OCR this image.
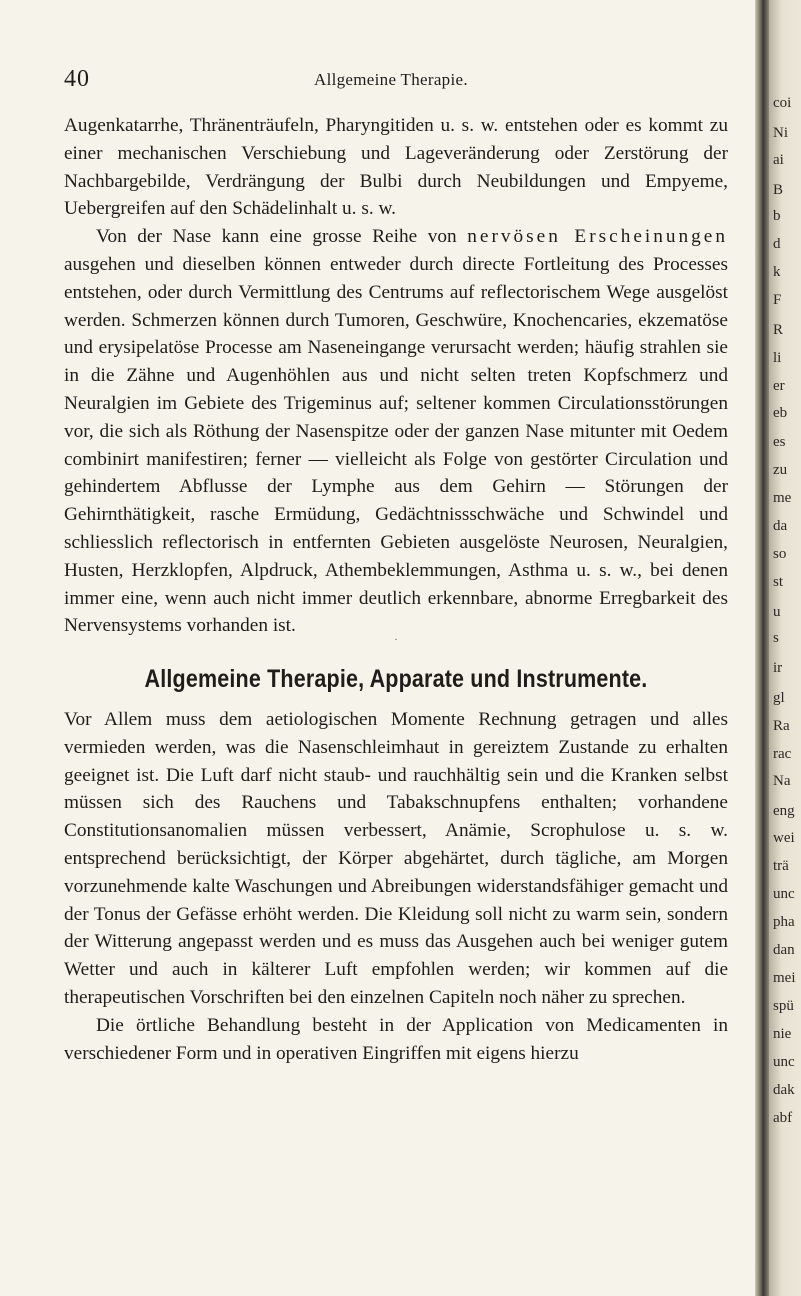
40	Allgemeine Therapie.

Augenkatarrhe, Thränenträufeln, Pharyngitiden u. s. w. entstehen oder es kommt zu einer mechanischen Verschiebung und Lageveränderung oder Zerstörung der Nachbargebilde, Verdrängung der Bulbi durch Neubildungen und Empyeme, Uebergreifen auf den Schädelinhalt u. s. w.

Von der Nase kann eine grosse Reihe von nervösen Erscheinungen ausgehen und dieselben können entweder durch directe Fortleitung des Processes entstehen, oder durch Vermittlung des Centrums auf reflectorischem Wege ausgelöst werden. Schmerzen können durch Tumoren, Geschwüre, Knochencaries, ekzematöse und erysipelatöse Processe am Naseneingange verursacht werden; häufig strahlen sie in die Zähne und Augenhöhlen aus und nicht selten treten Kopfschmerz und Neuralgien im Gebiete des Trigeminus auf; seltener kommen Circulationsstörungen vor, die sich als Röthung der Nasenspitze oder der ganzen Nase mitunter mit Oedem combinirt manifestiren; ferner — vielleicht als Folge von gestörter Circulation und gehindertem Abflusse der Lymphe aus dem Gehirn — Störungen der Gehirnthätigkeit, rasche Ermüdung, Gedächtnissschwäche und Schwindel und schliesslich reflectorisch in entfernten Gebieten ausgelöste Neurosen, Neuralgien, Husten, Herzklopfen, Alpdruck, Athembeklemmungen, Asthma u. s. w., bei denen immer eine, wenn auch nicht immer deutlich erkennbare, abnorme Erregbarkeit des Nervensystems vorhanden ist.

·
Allgemeine Therapie, Apparate und Instrumente.

Vor Allem muss dem aetiologischen Momente Rechnung getragen und alles vermieden werden, was die Nasenschleimhaut in gereiztem Zustande zu erhalten geeignet ist. Die Luft darf nicht staub- und rauchhältig sein und die Kranken selbst müssen sich des Rauchens und Tabakschnupfens enthalten; vorhandene Constitutionsanomalien müssen verbessert, Anämie, Scrophulose u. s. w. entsprechend berücksichtigt, der Körper abgehärtet, durch tägliche, am Morgen vorzunehmende kalte Waschungen und Abreibungen widerstandsfähiger gemacht und der Tonus der Gefässe erhöht werden. Die Kleidung soll nicht zu warm sein, sondern der Witterung angepasst werden und es muss das Ausgehen auch bei weniger gutem Wetter und auch in kälterer Luft empfohlen werden; wir kommen auf die therapeutischen Vorschriften bei den einzelnen Capiteln noch näher zu sprechen.

Die örtliche Behandlung besteht in der Application von Medicamenten in verschiedener Form und in operativen Eingriffen mit eigens hierzu

coi
Ni
ai
B
b
d
k
F
R
li
er
eb
es
zu
me
da
so
st
u
s
ir
gl
Ra
rac
Na
eng
wei
trä
unc
pha
dan
mei
spü
nie
unc
dak
abf
